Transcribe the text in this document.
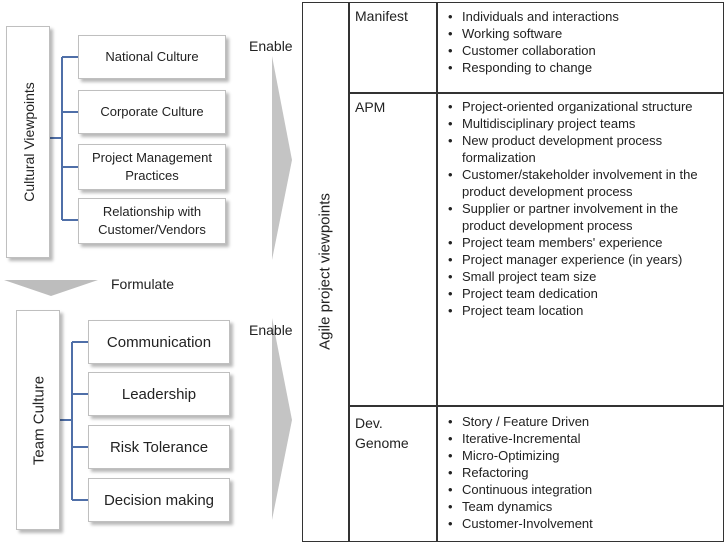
Cultural Viewpoints
National Culture
Corporate Culture
Project Management Practices
Relationship with Customer/Vendors
Formulate
Team Culture
Communication
Leadership
Risk Tolerance
Decision making
Enable
Enable Agile project viewpoints
Manifest	• Individuals and interactions
• Working software
• Customer collaboration
• Responding to change
APM	• Project-oriented organizational structure
• Multidisciplinary project teams
• New product development process formalization
• Customer/stakeholder involvement in the product development process
• Supplier or partner involvement in the product development process
• Project team members' experience
• Project manager experience (in years)
• Small project team size
• Project team dedication
• Project team location
Dev. Genome
• Story / Feature Driven
• Iterative-Incremental
• Micro-Optimizing
• Refactoring
• Continuous integration
• Team dynamics
• Customer-Involvement
